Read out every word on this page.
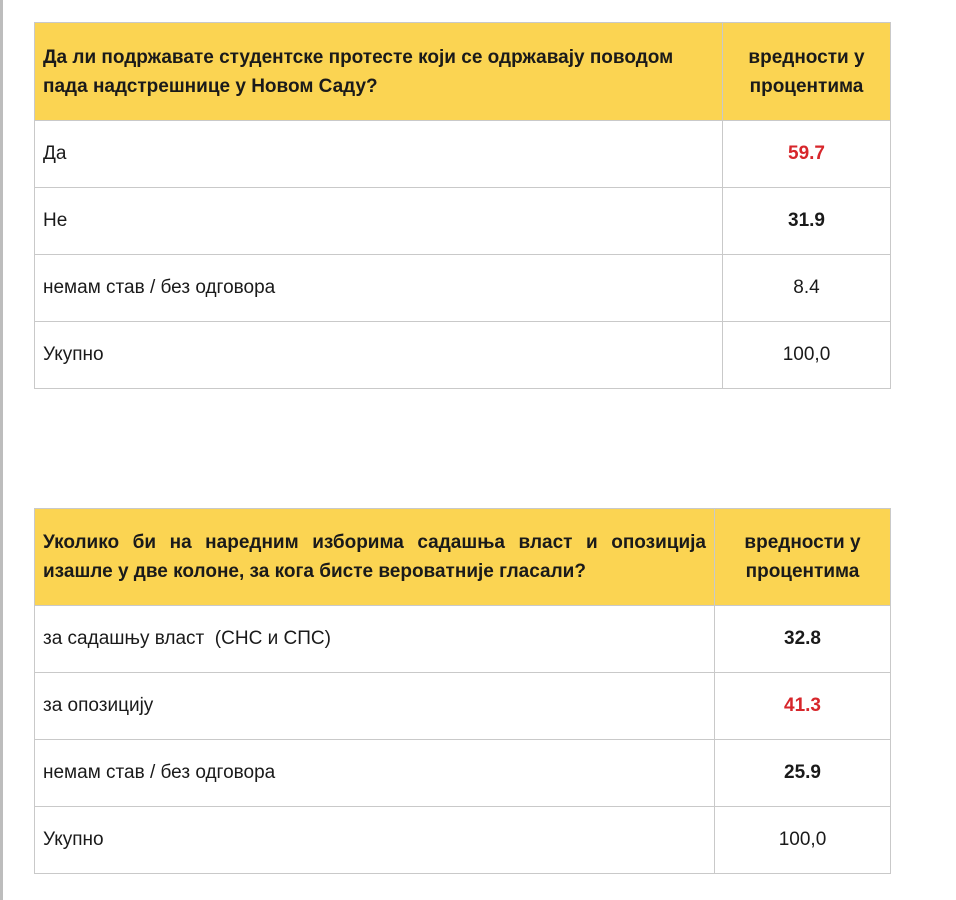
Да ли подржавате студентске протесте који се одржавају поводом пада надстрешнице у Новом Саду?	вредности у процентима
Да	59.7
Не	31.9
немам став / без одговора	8.4
Укупно	100,0
Уколико би на наредним изборима садашња власт и опозиција изашле у две колоне, за кога бисте вероватније гласали?	вредности у процентима
за садашњу власт  (СНС и СПС)	32.8
за опозицију	41.3
немам став / без одговора	25.9
Укупно	100,0
